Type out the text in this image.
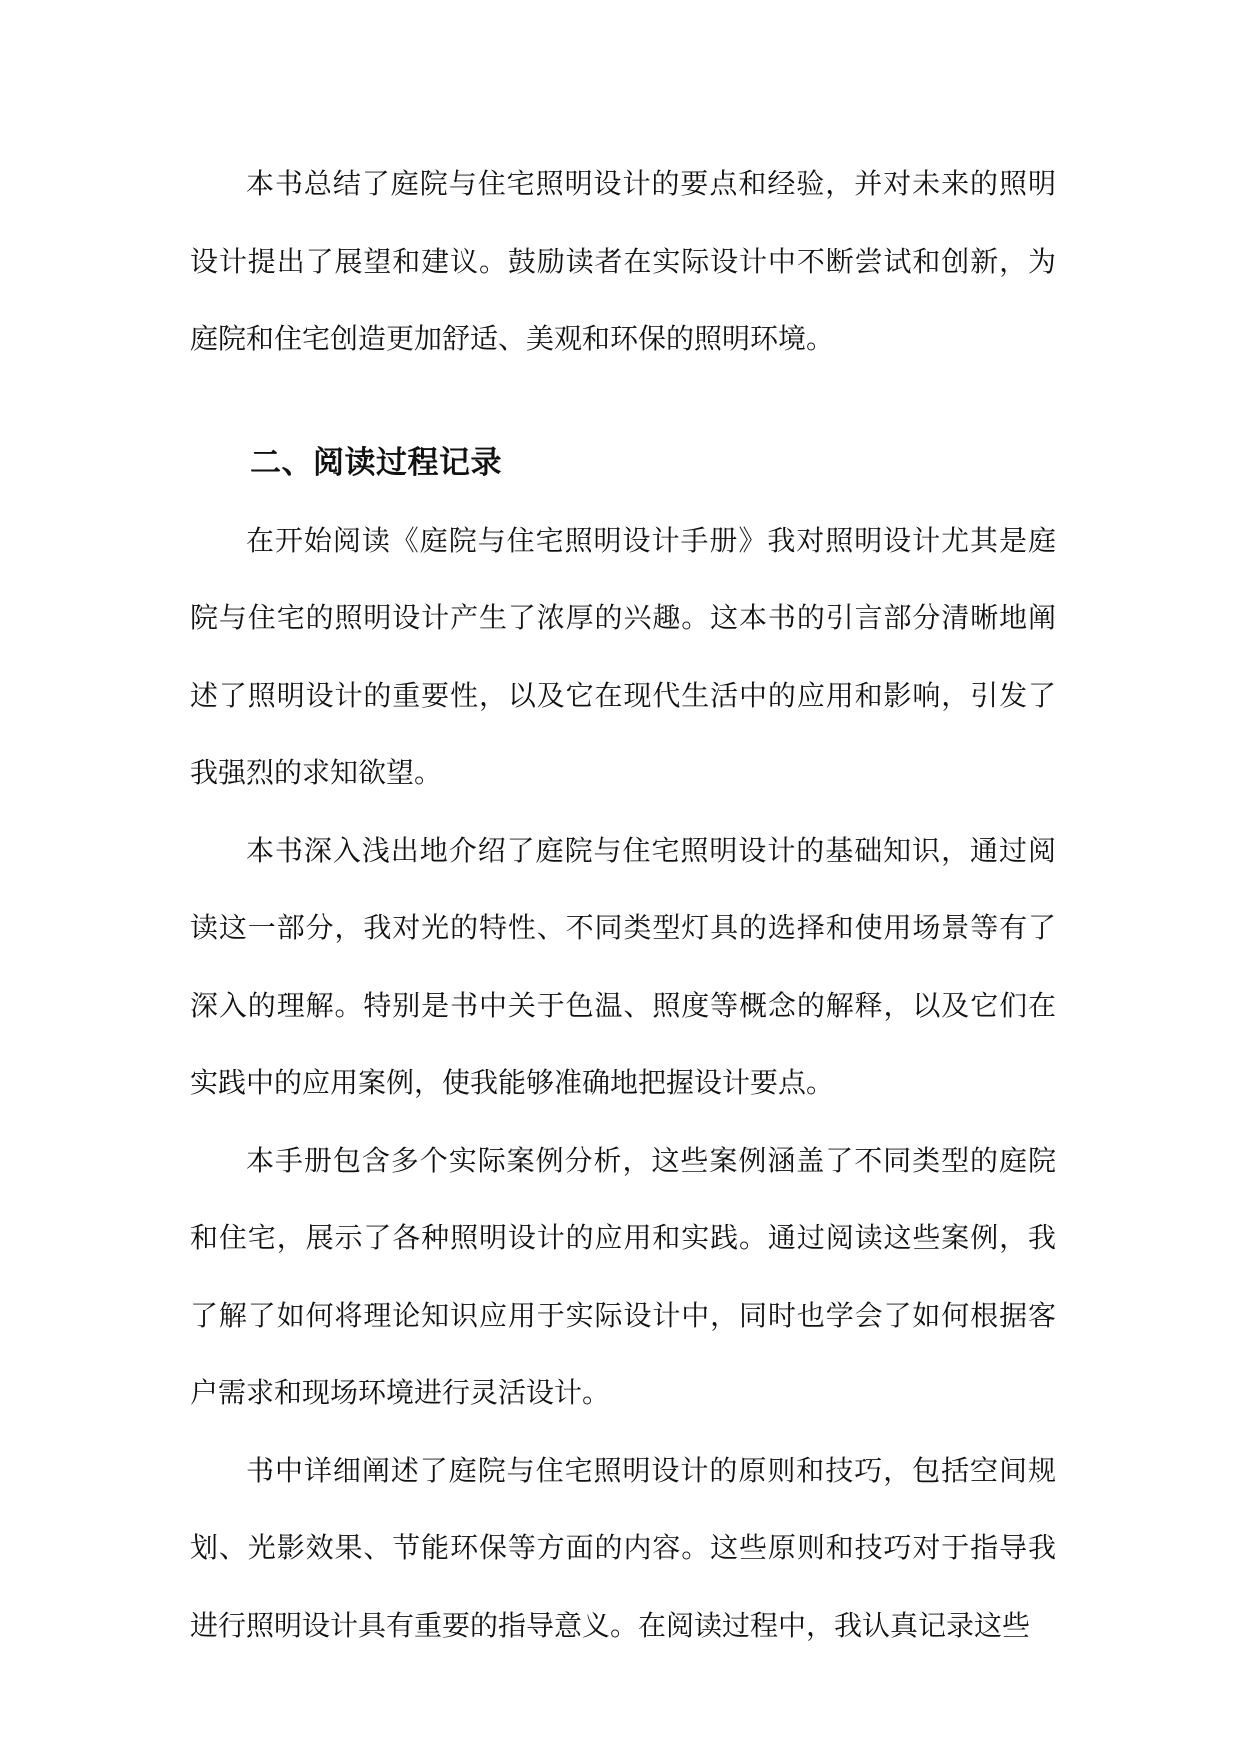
本书总结了庭院与住宅照明设计的要点和经验，并对未来的照明设计提出了展望和建议。鼓励读者在实际设计中不断尝试和创新，为庭院和住宅创造更加舒适、美观和环保的照明环境。

二、阅读过程记录

在开始阅读《庭院与住宅照明设计手册》我对照明设计尤其是庭院与住宅的照明设计产生了浓厚的兴趣。这本书的引言部分清晰地阐述了照明设计的重要性，以及它在现代生活中的应用和影响，引发了我强烈的求知欲望。

本书深入浅出地介绍了庭院与住宅照明设计的基础知识，通过阅读这一部分，我对光的特性、不同类型灯具的选择和使用场景等有了深入的理解。特别是书中关于色温、照度等概念的解释，以及它们在实践中的应用案例，使我能够准确地把握设计要点。

本手册包含多个实际案例分析，这些案例涵盖了不同类型的庭院和住宅，展示了各种照明设计的应用和实践。通过阅读这些案例，我了解了如何将理论知识应用于实际设计中，同时也学会了如何根据客户需求和现场环境进行灵活设计。

书中详细阐述了庭院与住宅照明设计的原则和技巧，包括空间规划、光影效果、节能环保等方面的内容。这些原则和技巧对于指导我进行照明设计具有重要的指导意义。在阅读过程中，我认真记录这些
